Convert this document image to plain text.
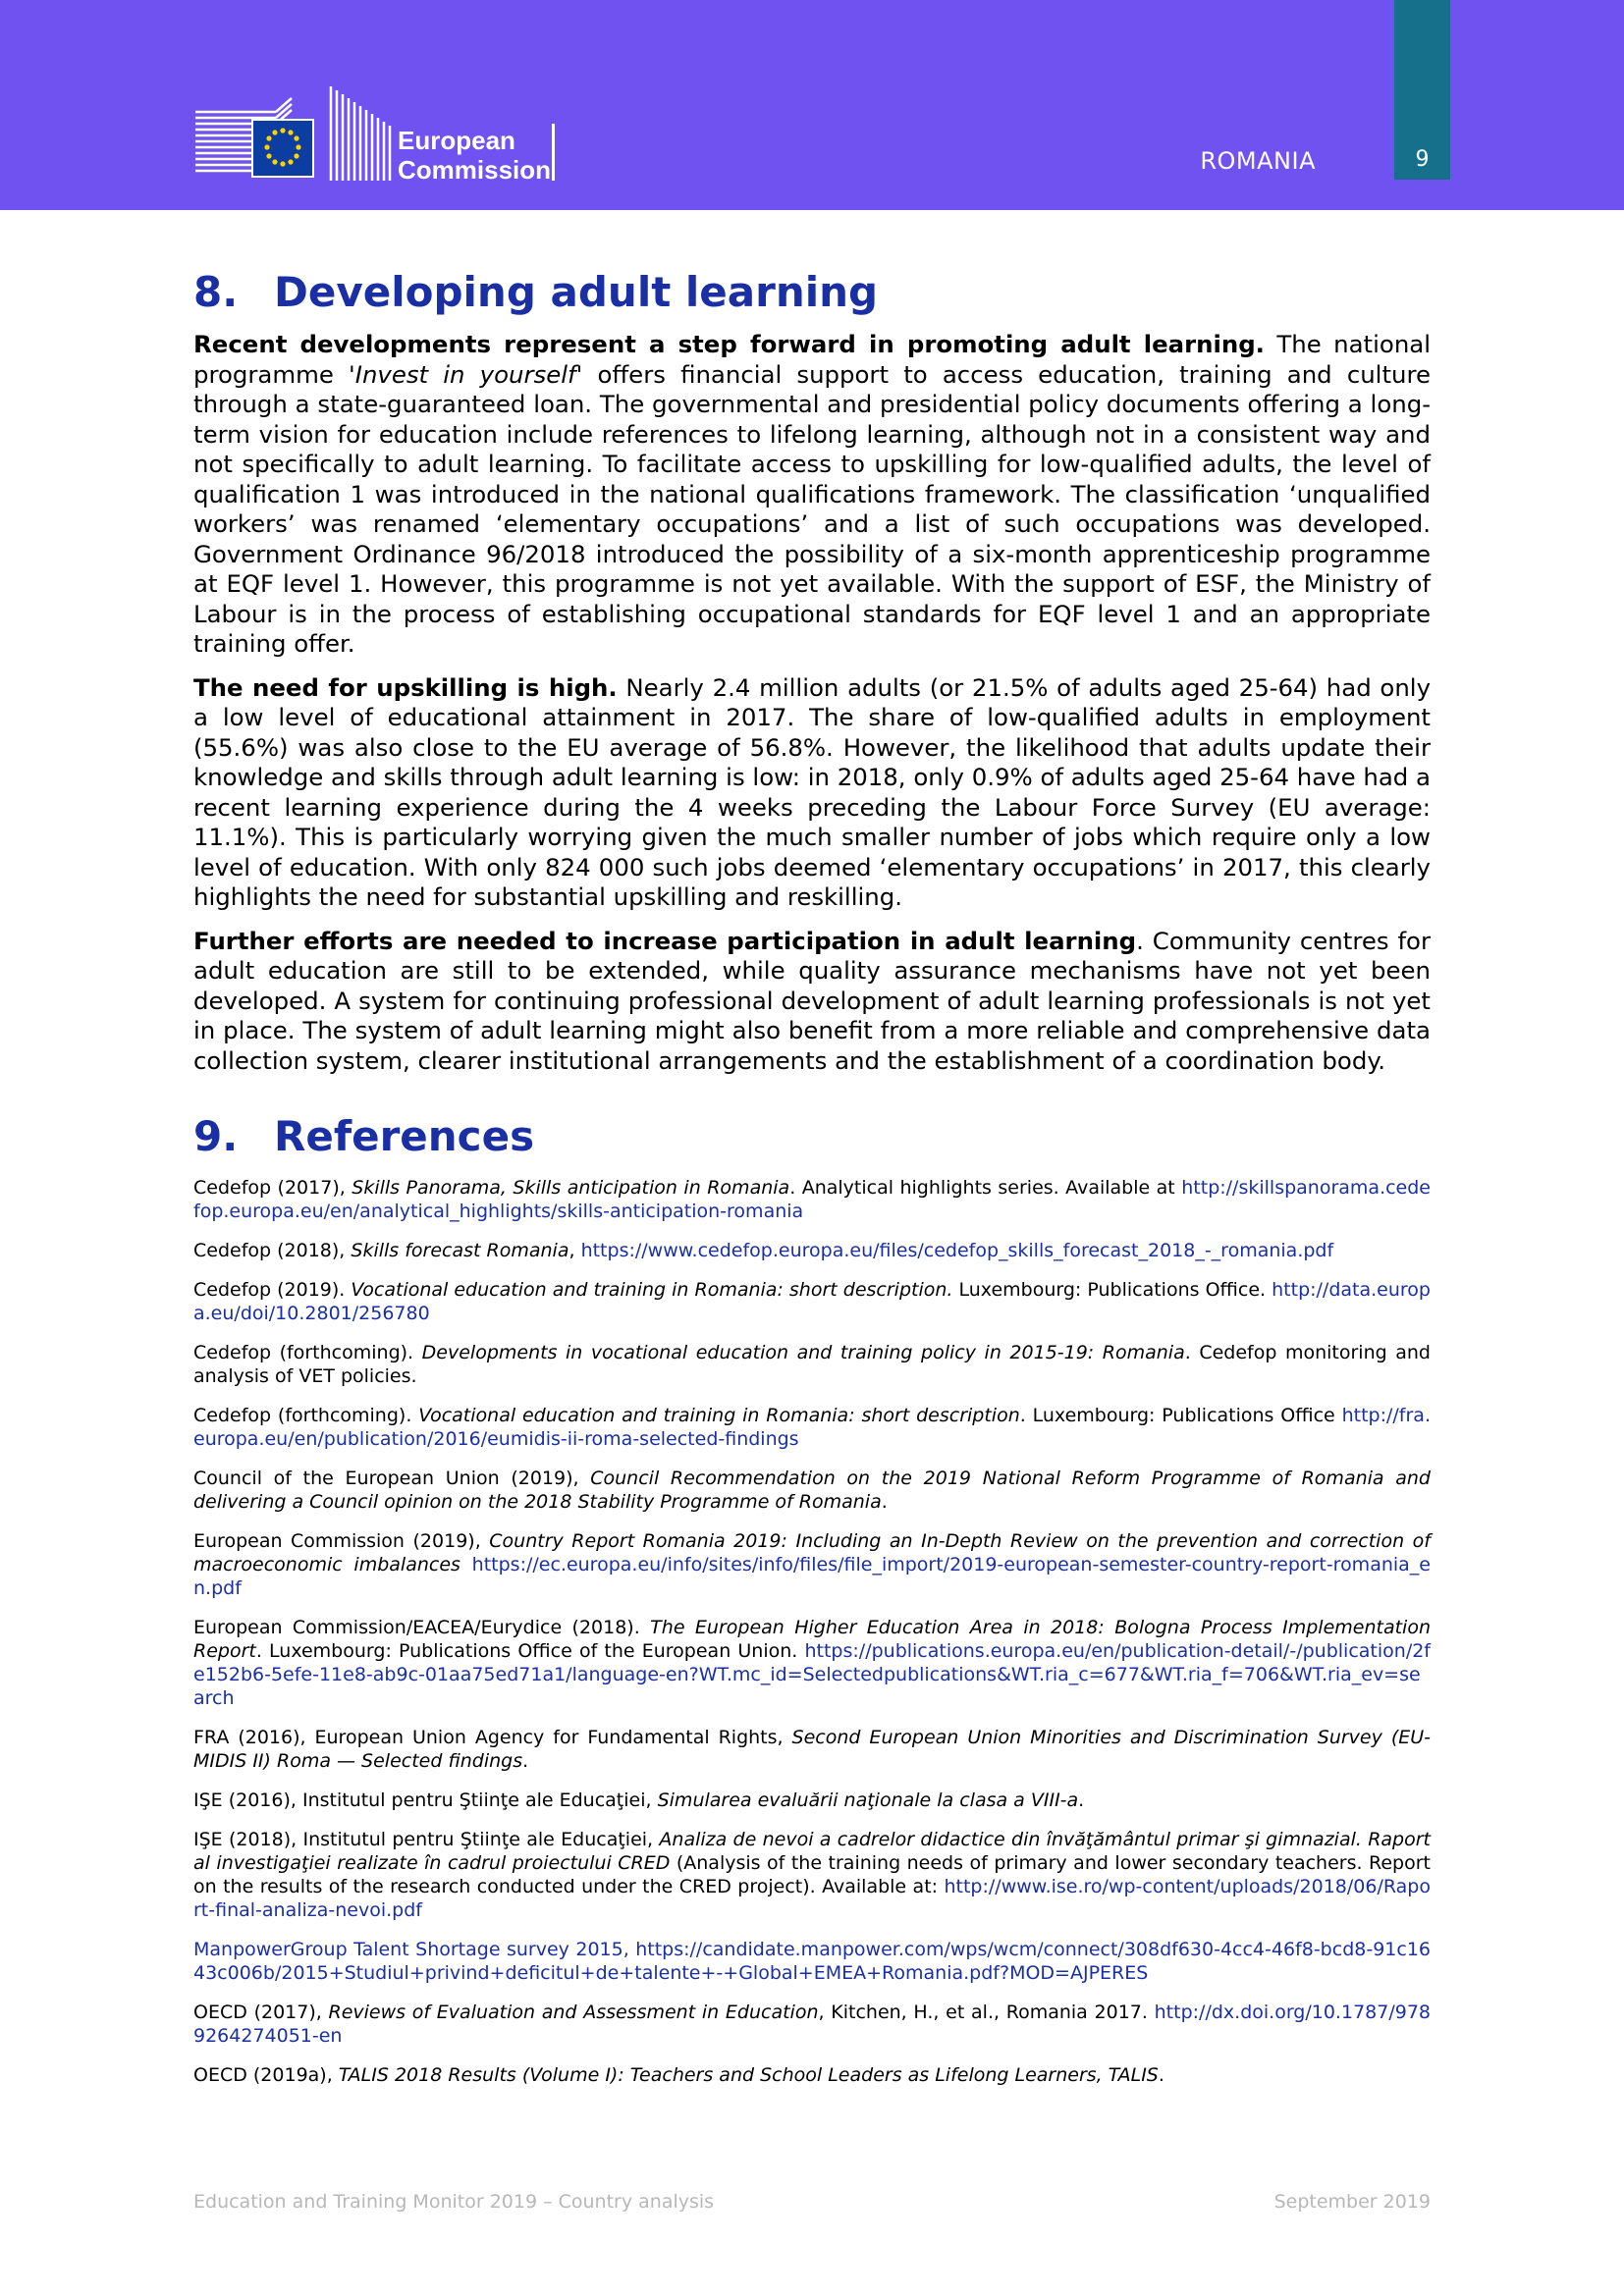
9
ROMANIA
European
Commission
8. Developing adult learning

Recent developments represent a step forward in promoting adult learning. The national programme 'Invest in yourself' offers financial support to access education, training and culture through a state-guaranteed loan. The governmental and presidential policy documents offering a long-term vision for education include references to lifelong learning, although not in a consistent way and not specifically to adult learning. To facilitate access to upskilling for low-qualified adults, the level of qualification 1 was introduced in the national qualifications framework. The classification ‘unqualified workers’ was renamed ‘elementary occupations’ and a list of such occupations was developed. Government Ordinance 96/2018 introduced the possibility of a six-month apprenticeship programme at EQF level 1. However, this programme is not yet available. With the support of ESF, the Ministry of Labour is in the process of establishing occupational standards for EQF level 1 and an appropriate training offer.

The need for upskilling is high. Nearly 2.4 million adults (or 21.5% of adults aged 25-64) had only a low level of educational attainment in 2017. The share of low-qualified adults in employment (55.6%) was also close to the EU average of 56.8%. However, the likelihood that adults update their knowledge and skills through adult learning is low: in 2018, only 0.9% of adults aged 25-64 have had a recent learning experience during the 4 weeks preceding the Labour Force Survey (EU average: 11.1%). This is particularly worrying given the much smaller number of jobs which require only a low level of education. With only 824 000 such jobs deemed ‘elementary occupations’ in 2017, this clearly highlights the need for substantial upskilling and reskilling.

Further efforts are needed to increase participation in adult learning. Community centres for adult education are still to be extended, while quality assurance mechanisms have not yet been developed. A system for continuing professional development of adult learning professionals is not yet in place. The system of adult learning might also benefit from a more reliable and comprehensive data collection system, clearer institutional arrangements and the establishment of a coordination body.

9. References

Cedefop (2017), Skills Panorama, Skills anticipation in Romania. Analytical highlights series. Available at http://skillspanorama.cedefop.europa.eu/en/analytical_highlights/skills-anticipation-romania

Cedefop (2018), Skills forecast Romania, https://www.cedefop.europa.eu/files/cedefop_skills_forecast_2018_-_romania.pdf

Cedefop (2019). Vocational education and training in Romania: short description. Luxembourg: Publications Office. http://data.europa.eu/doi/10.2801/256780

Cedefop (forthcoming). Developments in vocational education and training policy in 2015-19: Romania. Cedefop monitoring and analysis of VET policies.

Cedefop (forthcoming). Vocational education and training in Romania: short description. Luxembourg: Publications Office http://fra.europa.eu/en/publication/2016/eumidis-ii-roma-selected-findings

Council of the European Union (2019), Council Recommendation on the 2019 National Reform Programme of Romania and delivering a Council opinion on the 2018 Stability Programme of Romania.

European Commission (2019), Country Report Romania 2019: Including an In-Depth Review on the prevention and correction of macroeconomic imbalances https://ec.europa.eu/info/sites/info/files/file_import/2019-european-semester-country-report-romania_en.pdf

European Commission/EACEA/Eurydice (2018). The European Higher Education Area in 2018: Bologna Process Implementation Report. Luxembourg: Publications Office of the European Union. https://publications.europa.eu/en/publication-detail/-/publication/2fe152b6-5efe-11e8-ab9c-01aa75ed71a1/language-en?WT.mc_id=Selectedpublications&WT.ria_c=677&WT.ria_f=706&WT.ria_ev=search

FRA (2016), European Union Agency for Fundamental Rights, Second European Union Minorities and Discrimination Survey (EU-MIDIS II) Roma — Selected findings.

IŞE (2016), Institutul pentru Ştiinţe ale Educaţiei, Simularea evaluării naţionale la clasa a VIII-a.

IŞE (2018), Institutul pentru Ştiinţe ale Educaţiei, Analiza de nevoi a cadrelor didactice din învăţământul primar şi gimnazial. Raport al investigaţiei realizate în cadrul proiectului CRED (Analysis of the training needs of primary and lower secondary teachers. Report on the results of the research conducted under the CRED project). Available at: http://www.ise.ro/wp-content/uploads/2018/06/Raport-final-analiza-nevoi.pdf

ManpowerGroup Talent Shortage survey 2015, https://candidate.manpower.com/wps/wcm/connect/308df630-4cc4-46f8-bcd8-91c1643c006b/2015+Studiul+privind+deficitul+de+talente+-+Global+EMEA+Romania.pdf?MOD=AJPERES

OECD (2017), Reviews of Evaluation and Assessment in Education, Kitchen, H., et al., Romania 2017. http://dx.doi.org/10.1787/9789264274051-en

OECD (2019a), TALIS 2018 Results (Volume I): Teachers and School Leaders as Lifelong Learners, TALIS.

Education and Training Monitor 2019 – Country analysis	September 2019
